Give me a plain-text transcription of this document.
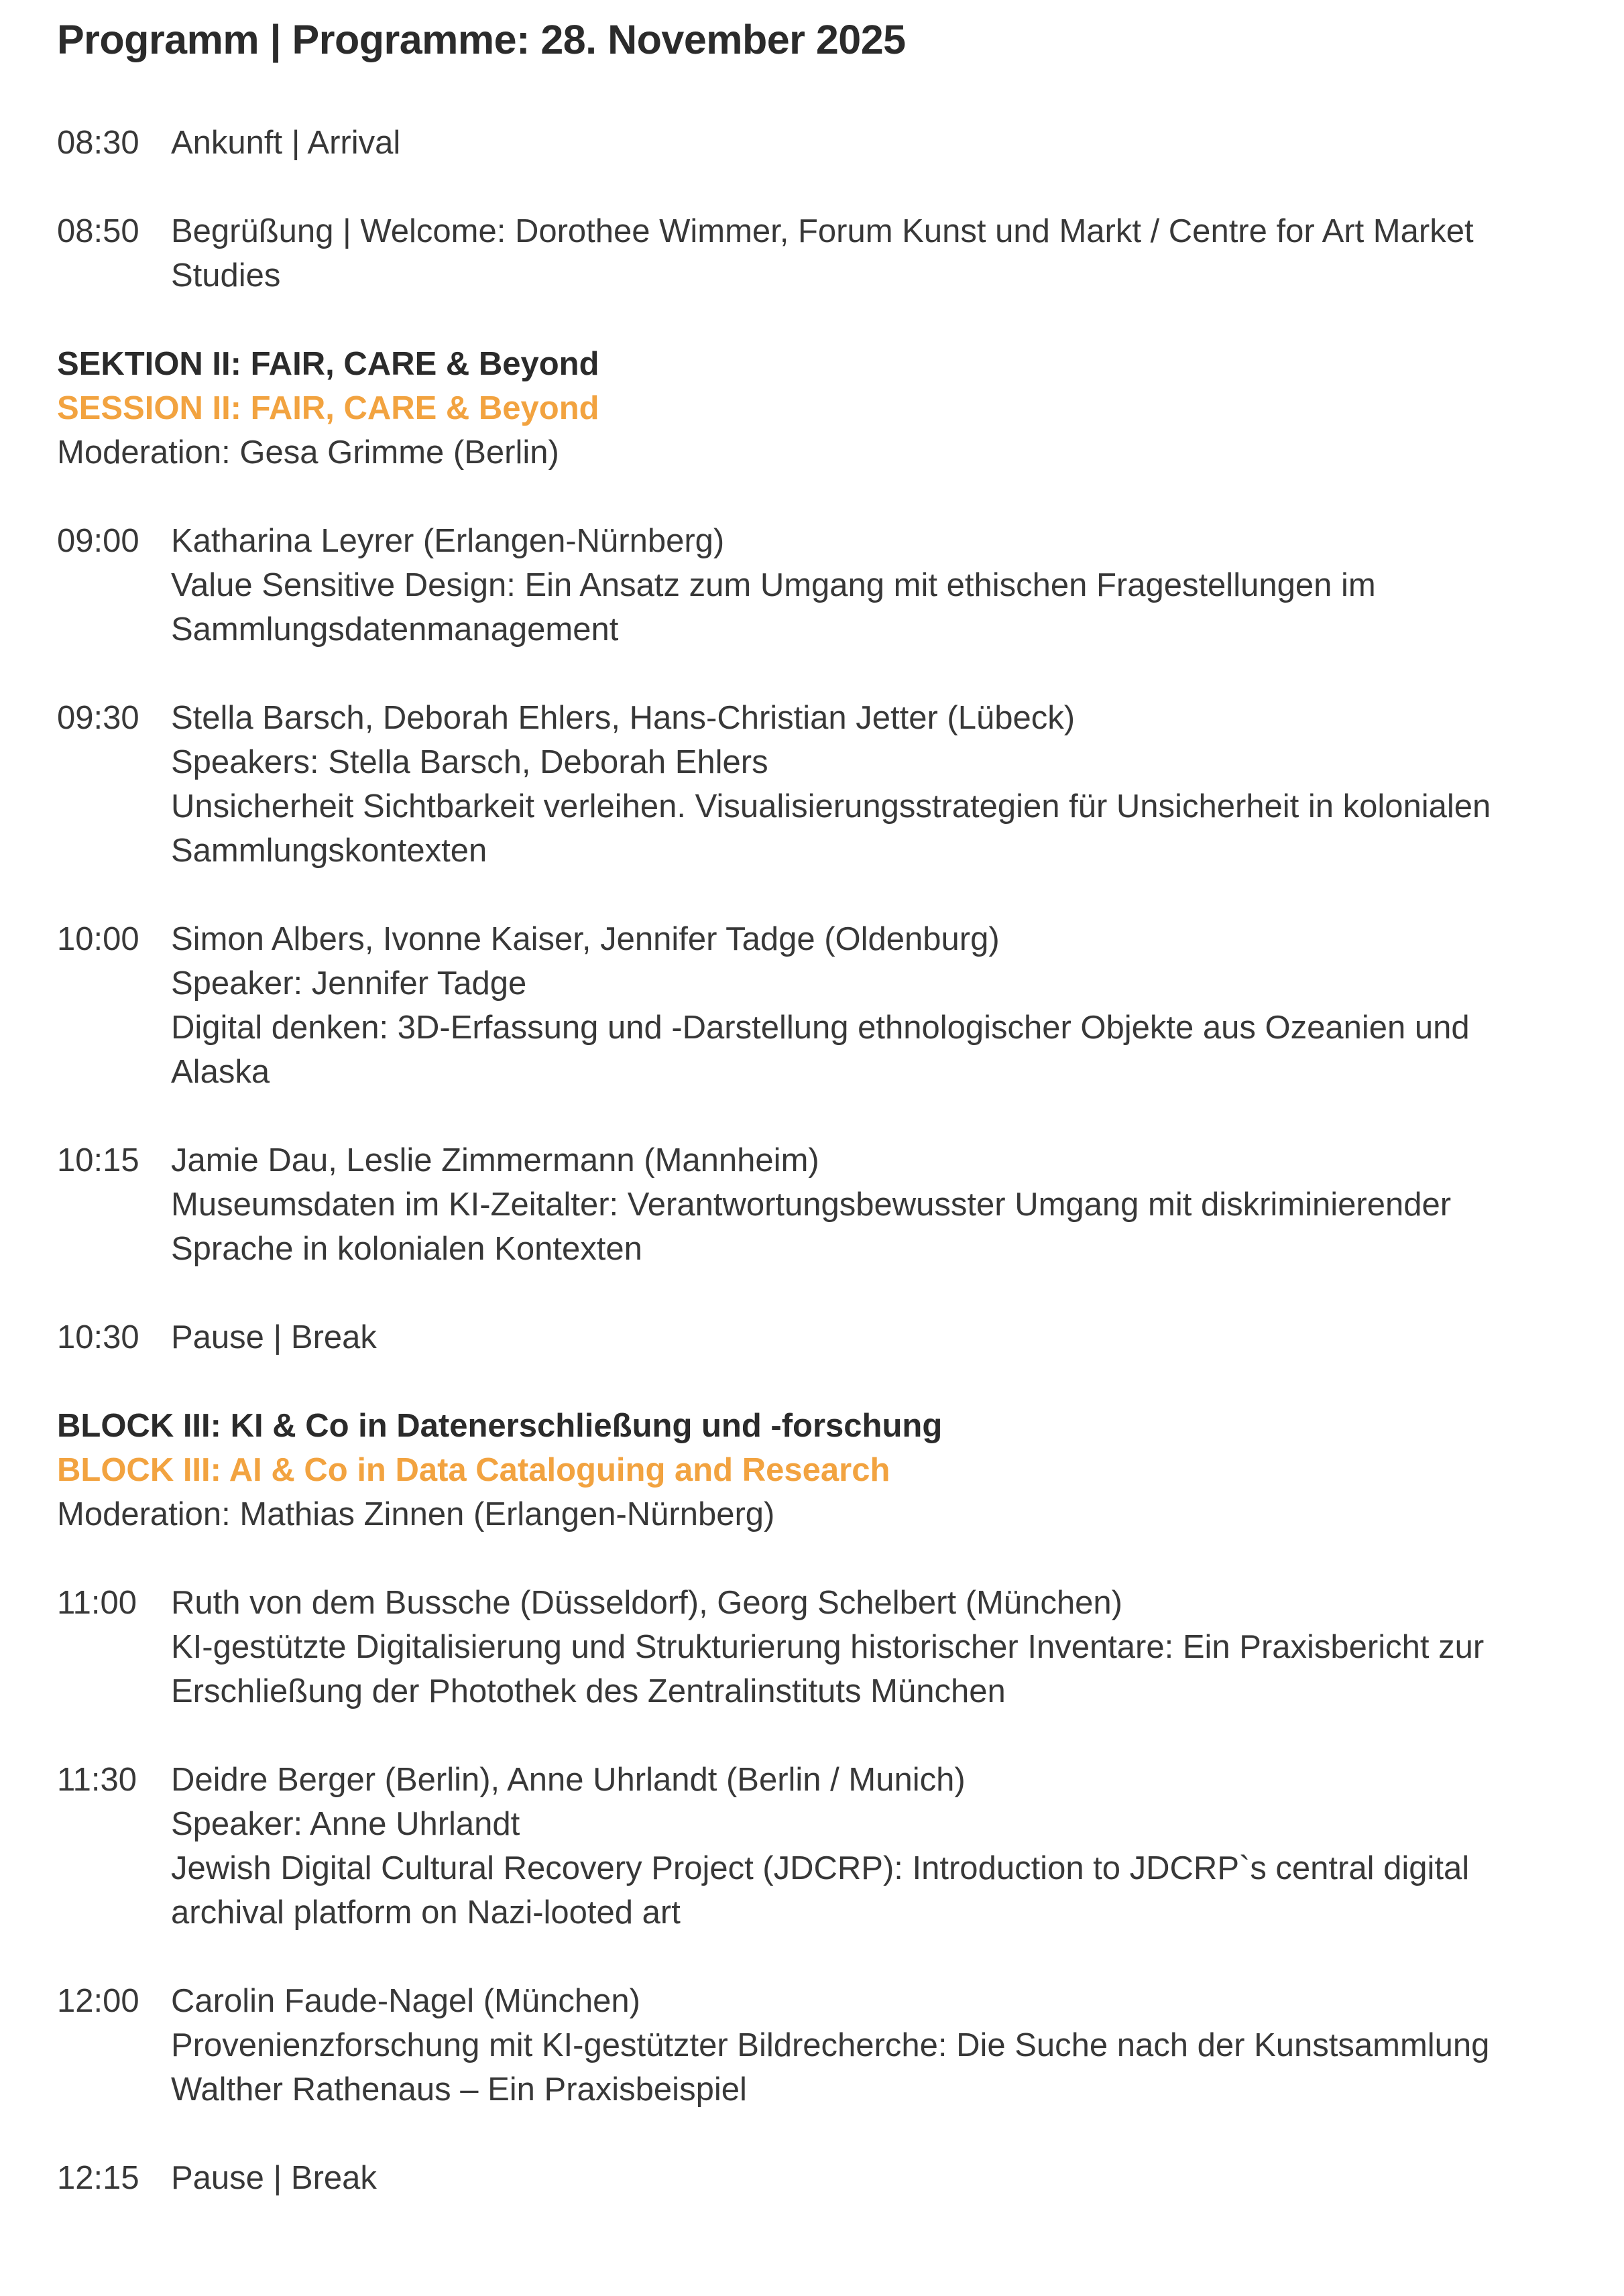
Programm | Programme: 28. November 2025
08:30 Ankunft | Arrival
08:50 Begrüßung | Welcome: Dorothee Wimmer, Forum Kunst und Markt / Centre for Art Market Studies
SEKTION II: FAIR, CARE & Beyond
SESSION II: FAIR, CARE & Beyond
Moderation: Gesa Grimme (Berlin)
09:00 Katharina Leyrer (Erlangen-Nürnberg)
Value Sensitive Design: Ein Ansatz zum Umgang mit ethischen Fragestellungen im Sammlungsdatenmanagement
09:30 Stella Barsch, Deborah Ehlers, Hans-Christian Jetter (Lübeck)
Speakers: Stella Barsch, Deborah Ehlers
Unsicherheit Sichtbarkeit verleihen. Visualisierungsstrategien für Unsicherheit in kolonialen Sammlungskontexten
10:00 Simon Albers, Ivonne Kaiser, Jennifer Tadge (Oldenburg)
Speaker: Jennifer Tadge
Digital denken: 3D-Erfassung und -Darstellung ethnologischer Objekte aus Ozeanien und Alaska
10:15 Jamie Dau, Leslie Zimmermann (Mannheim)
Museumsdaten im KI-Zeitalter: Verantwortungsbewusster Umgang mit diskriminierender Sprache in kolonialen Kontexten
10:30 Pause | Break
BLOCK III: KI & Co in Datenerschließung und -forschung
BLOCK III: AI & Co in Data Cataloguing and Research
Moderation: Mathias Zinnen (Erlangen-Nürnberg)
11:00	Ruth von dem Bussche (Düsseldorf), Georg Schelbert (München)
KI-gestützte Digitalisierung und Strukturierung historischer Inventare: Ein Praxisbericht zur Erschließung der Photothek des Zentralinstituts München
11:30	Deidre Berger (Berlin), Anne Uhrlandt (Berlin / Munich)
Speaker: Anne Uhrlandt
Jewish Digital Cultural Recovery Project (JDCRP): Introduction to JDCRP`s central digital archival platform on Nazi-looted art
12:00 Carolin Faude-Nagel (München)
Provenienzforschung mit KI-gestützter Bildrecherche: Die Suche nach der Kunstsammlung Walther Rathenaus – Ein Praxisbeispiel
12:15 Pause | Break
